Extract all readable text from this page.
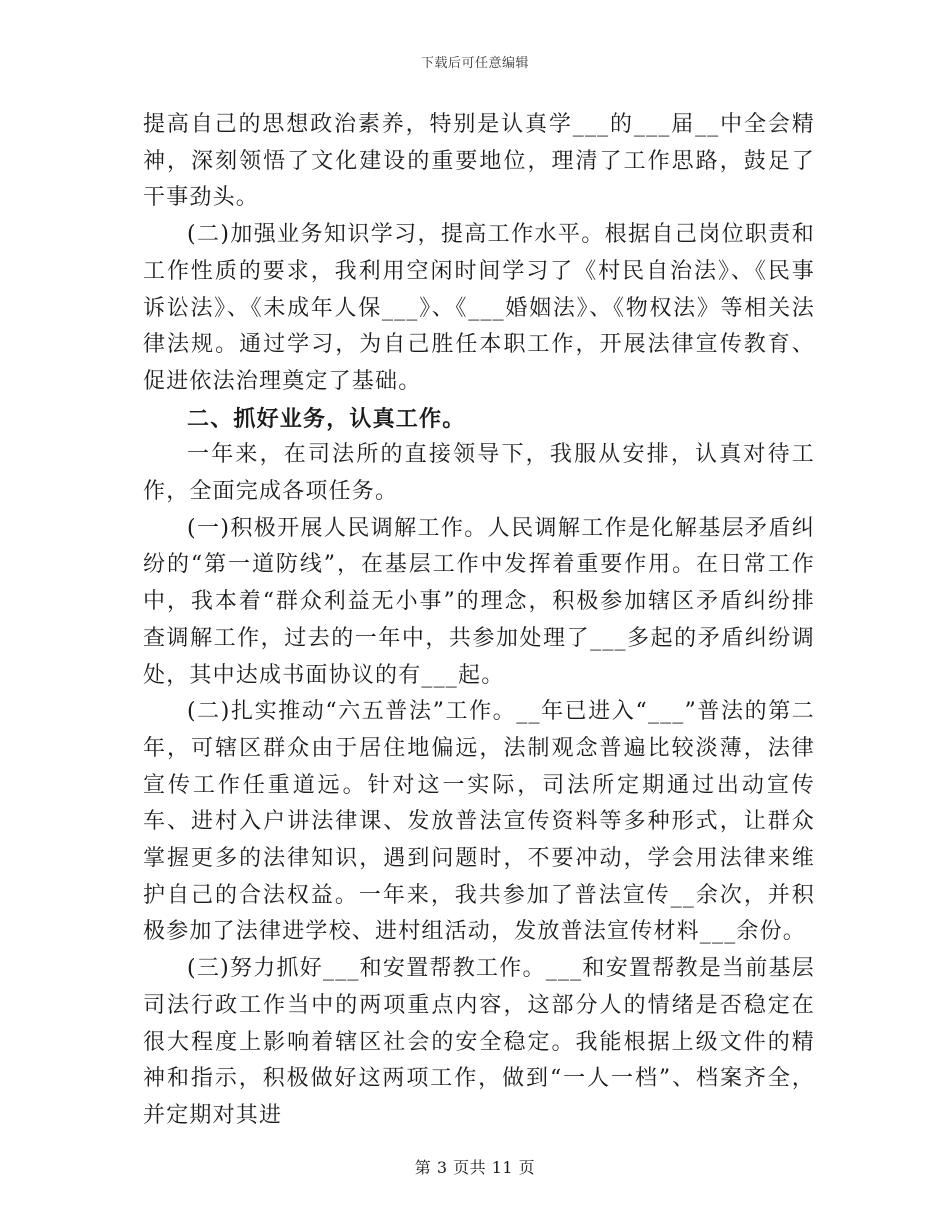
下载后可任意编辑

提高自己的思想政治素养，特别是认真学___的___届__中全会精神，深刻领悟了文化建设的重要地位，理清了工作思路，鼓足了干事劲头。

(二)加强业务知识学习，提高工作水平。根据自己岗位职责和工作性质的要求，我利用空闲时间学习了《村民自治法》、《民事诉讼法》、《未成年人保___》、《___婚姻法》、《物权法》等相关法律法规。通过学习，为自己胜任本职工作，开展法律宣传教育、促进依法治理奠定了基础。

二、抓好业务，认真工作。

一年来，在司法所的直接领导下，我服从安排，认真对待工作，全面完成各项任务。

(一)积极开展人民调解工作。人民调解工作是化解基层矛盾纠纷的“第一道防线”，在基层工作中发挥着重要作用。在日常工作中，我本着“群众利益无小事”的理念，积极参加辖区矛盾纠纷排查调解工作，过去的一年中，共参加处理了___多起的矛盾纠纷调处，其中达成书面协议的有___起。

(二)扎实推动“六五普法”工作。__年已进入“___”普法的第二年，可辖区群众由于居住地偏远，法制观念普遍比较淡薄，法律宣传工作任重道远。针对这一实际，司法所定期通过出动宣传车、进村入户讲法律课、发放普法宣传资料等多种形式，让群众掌握更多的法律知识，遇到问题时，不要冲动，学会用法律来维护自己的合法权益。一年来，我共参加了普法宣传__余次，并积极参加了法律进学校、进村组活动，发放普法宣传材料___余份。

(三)努力抓好___和安置帮教工作。___和安置帮教是当前基层司法行政工作当中的两项重点内容，这部分人的情绪是否稳定在很大程度上影响着辖区社会的安全稳定。我能根据上级文件的精神和指示，积极做好这两项工作，做到“一人一档”、档案齐全，并定期对其进

第 3 页共 11 页
